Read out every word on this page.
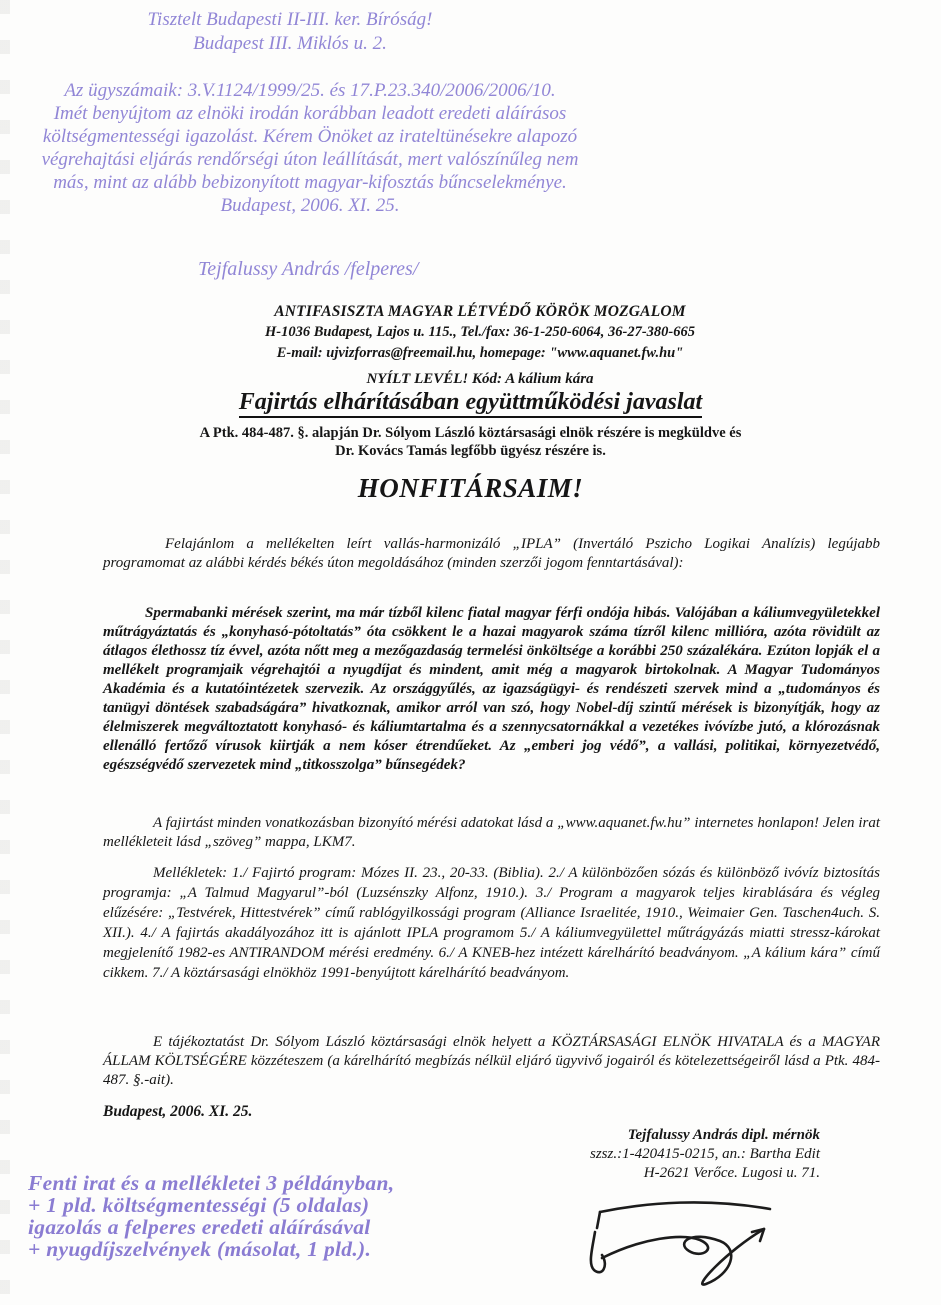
Tisztelt Budapesti II-III. ker. Bíróság!
Budapest III. Miklós u. 2.
Az ügyszámaik: 3.V.1124/1999/25. és 17.P.23.340/2006/2006/10.
Imét benyújtom az elnöki irodán korábban leadott eredeti aláírásos
költségmentességi igazolást. Kérem Önöket az irateltünésekre alapozó
végrehajtási eljárás rendőrségi úton leállítását, mert valószínűleg nem
más, mint az alább bebizonyított magyar-kifosztás bűncselekménye.
Budapest, 2006. XI. 25.
Tejfalussy András /felperes/
ANTIFASISZTA MAGYAR LÉTVÉDŐ KÖRÖK MOZGALOM
H-1036 Budapest, Lajos u. 115., Tel./fax: 36-1-250-6064, 36-27-380-665
E-mail: ujvizforras@freemail.hu, homepage: "www.aquanet.fw.hu"
NYÍLT LEVÉL! Kód: A kálium kára
Fajirtás elhárításában együttműködési javaslat
A Ptk. 484-487. §. alapján Dr. Sólyom László köztársasági elnök részére is megküldve és
Dr. Kovács Tamás legfőbb ügyész részére is.
HONFITÁRSAIM!
Felajánlom a mellékelten leírt vallás-harmonizáló „IPLA” (Invertáló Pszicho Logikai Analízis) legújabb programomat az alábbi kérdés békés úton megoldásához (minden szerzői jogom fenntartásával):
Spermabanki mérések szerint, ma már tízből kilenc fiatal magyar férfi ondója hibás. Valójában a káliumvegyületekkel műtrágyáztatás és „konyhasó-pótoltatás” óta csökkent le a hazai magyarok száma tízről kilenc millióra, azóta rövidült az átlagos élethossz tíz évvel, azóta nőtt meg a mezőgazdaság termelési önköltsége a korábbi 250 százalékára. Ezúton lopják el a mellékelt programjaik végrehajtói a nyugdíjat és mindent, amit még a magyarok birtokolnak. A Magyar Tudományos Akadémia és a kutatóintézetek szervezik. Az országgyűlés, az igazságügyi- és rendészeti szervek mind a „tudományos és tanügyi döntések szabadságára” hivatkoznak, amikor arról van szó, hogy Nobel-díj szintű mérések is bizonyítják, hogy az élelmiszerek megváltoztatott konyhasó- és káliumtartalma és a szennycsatornákkal a vezetékes ivóvízbe jutó, a klórozásnak ellenálló fertőző vírusok kiirtják a nem kóser étrendűeket. Az „emberi jog védő”, a vallási, politikai, környezetvédő, egészségvédő szervezetek mind „titkosszolga” bűnsegédek?
A fajirtást minden vonatkozásban bizonyító mérési adatokat lásd a „www.aquanet.fw.hu” internetes honlapon! Jelen irat mellékleteit lásd „szöveg” mappa, LKM7.
Mellékletek: 1./ Fajirtó program: Mózes II. 23., 20-33. (Biblia). 2./ A különbözően sózás és különböző ivóvíz biztosítás programja: „A Talmud Magyarul”-ból (Luzsénszky Alfonz, 1910.). 3./ Program a magyarok teljes kirablására és végleg elűzésére: „Testvérek, Hittestvérek” című rablógyilkossági program (Alliance Israelitée, 1910., Weimaier Gen. Taschen4uch. S. XII.). 4./ A fajirtás akadályozához itt is ajánlott IPLA programom 5./ A káliumvegyülettel műtrágyázás miatti stressz-károkat megjelenítő 1982-es ANTIRANDOM mérési eredmény. 6./ A KNEB-hez intézett kárelhárító beadványom. „A kálium kára” című cikkem. 7./ A köztársasági elnökhöz 1991-benyújtott kárelhárító beadványom.
E tájékoztatást Dr. Sólyom László köztársasági elnök helyett a KÖZTÁRSASÁGI ELNÖK HIVATALA és a MAGYAR ÁLLAM KÖLTSÉGÉRE közzéteszem (a kárelhárító megbízás nélkül eljáró ügyvivő jogairól és kötelezettségeiről lásd a Ptk. 484-487. §.-ait).
Budapest, 2006. XI. 25.
Tejfalussy András dipl. mérnök
szsz.:1-420415-0215, an.: Bartha Edit
H-2621 Verőce. Lugosi u. 71.
Fenti irat és a mellékletei 3 példányban,
+ 1 pld. költségmentességi (5 oldalas)
igazolás a felperes eredeti aláírásával
+ nyugdíjszelvények (másolat, 1 pld.).
